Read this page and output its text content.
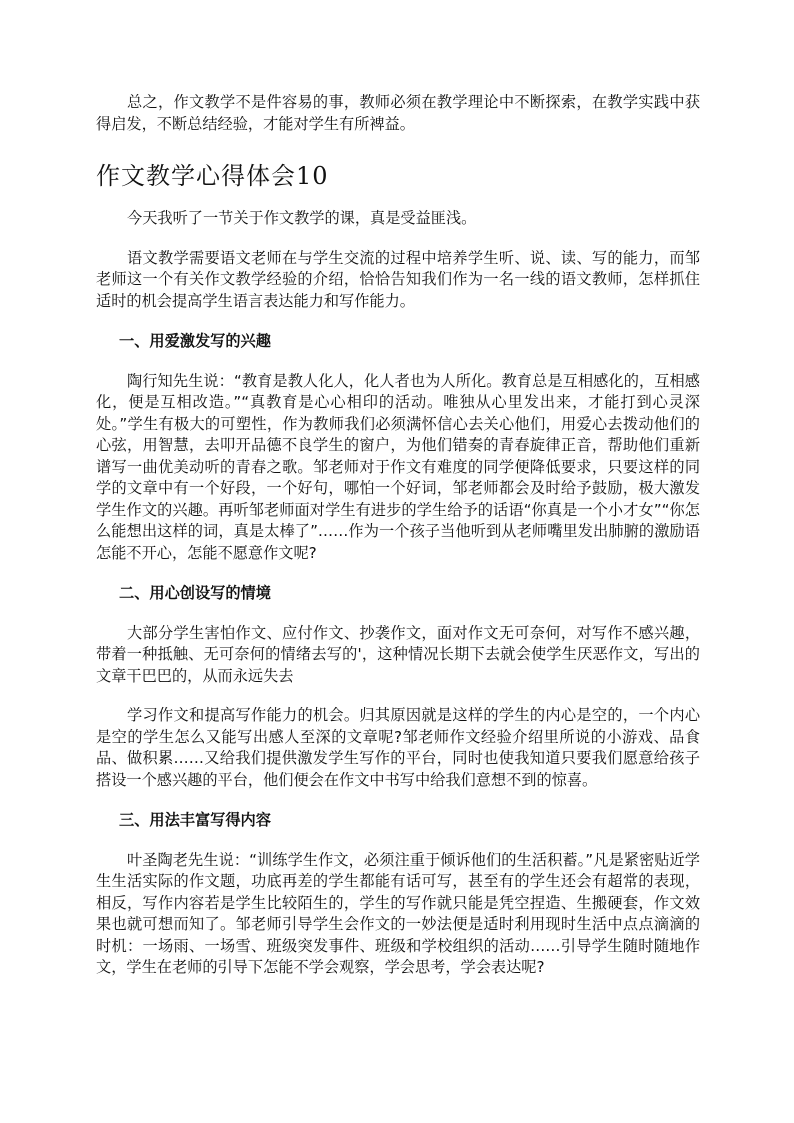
总之，作文教学不是件容易的事，教师必须在教学理论中不断探索，在教学实践中获得启发，不断总结经验，才能对学生有所裨益。

作文教学心得体会10

今天我听了一节关于作文教学的课，真是受益匪浅。

语文教学需要语文老师在与学生交流的过程中培养学生听、说、读、写的能力，而邹老师这一个有关作文教学经验的介绍，恰恰告知我们作为一名一线的语文教师，怎样抓住适时的机会提高学生语言表达能力和写作能力。

一、用爱激发写的兴趣

陶行知先生说：“教育是教人化人，化人者也为人所化。教育总是互相感化的，互相感化，便是互相改造。”“真教育是心心相印的活动。唯独从心里发出来，才能打到心灵深处。”学生有极大的可塑性，作为教师我们必须满怀信心去关心他们，用爱心去拨动他们的心弦，用智慧，去叩开品德不良学生的窗户，为他们错奏的青春旋律正音，帮助他们重新谱写一曲优美动听的青春之歌。邹老师对于作文有难度的同学便降低要求，只要这样的同学的文章中有一个好段，一个好句，哪怕一个好词，邹老师都会及时给予鼓励，极大激发学生作文的兴趣。再听邹老师面对学生有进步的学生给予的话语“你真是一个小才女”“你怎么能想出这样的词，真是太棒了”……作为一个孩子当他听到从老师嘴里发出肺腑的激励语怎能不开心，怎能不愿意作文呢?

二、用心创设写的情境

大部分学生害怕作文、应付作文、抄袭作文，面对作文无可奈何，对写作不感兴趣，带着一种抵触、无可奈何的情绪去写的'，这种情况长期下去就会使学生厌恶作文，写出的文章干巴巴的，从而永远失去

学习作文和提高写作能力的机会。归其原因就是这样的学生的内心是空的，一个内心是空的学生怎么又能写出感人至深的文章呢?邹老师作文经验介绍里所说的小游戏、品食品、做积累……又给我们提供激发学生写作的平台，同时也使我知道只要我们愿意给孩子搭设一个感兴趣的平台，他们便会在作文中书写中给我们意想不到的惊喜。

三、用法丰富写得内容

叶圣陶老先生说：“训练学生作文，必须注重于倾诉他们的生活积蓄。”凡是紧密贴近学生生活实际的作文题，功底再差的学生都能有话可写，甚至有的学生还会有超常的表现，相反，写作内容若是学生比较陌生的，学生的写作就只能是凭空捏造、生搬硬套，作文效果也就可想而知了。邹老师引导学生会作文的一妙法便是适时利用现时生活中点点滴滴的时机：一场雨、一场雪、班级突发事件、班级和学校组织的活动……引导学生随时随地作文，学生在老师的引导下怎能不学会观察，学会思考，学会表达呢?
